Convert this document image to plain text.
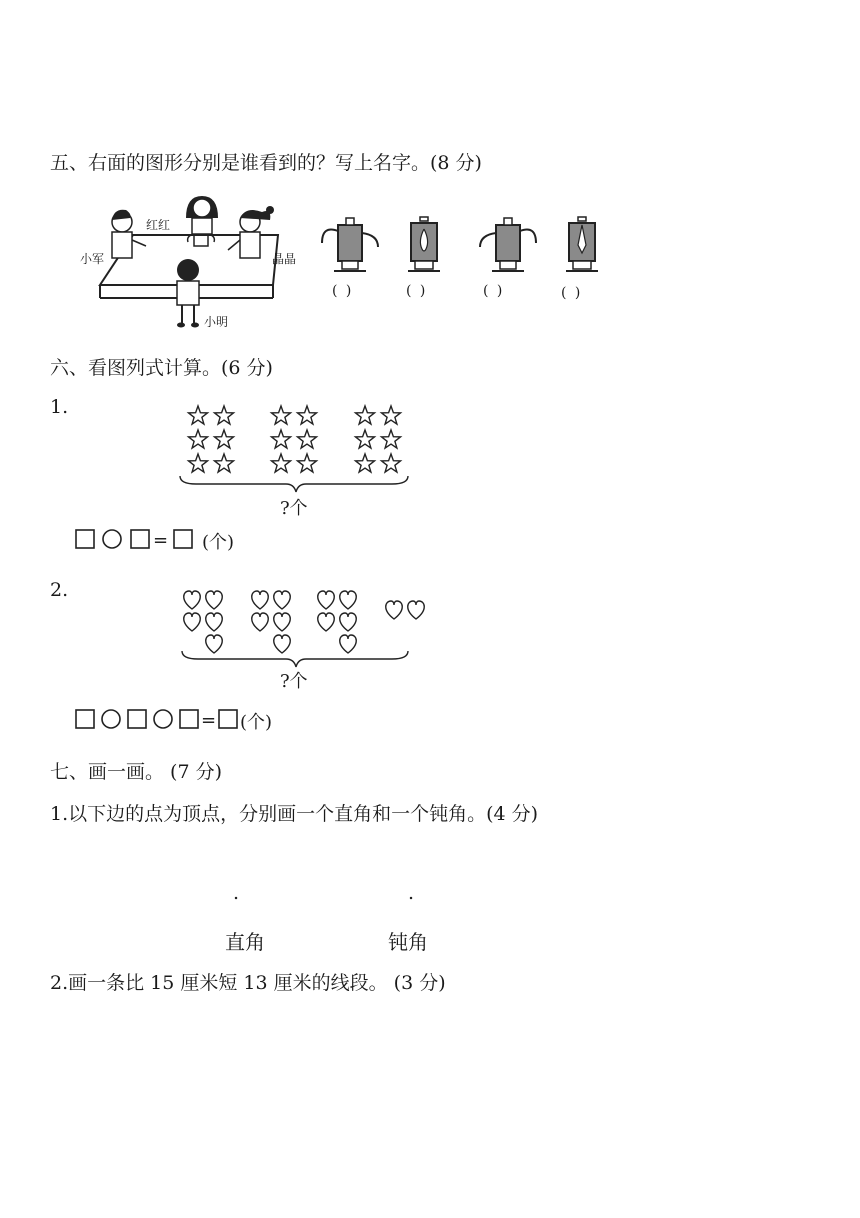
五、右面的图形分别是谁看到的？写上名字。(8 分)
红红
小军	晶晶
小明
( )	( )	( )	( )
六、看图列式计算。(6 分)
1.
?个
= (个)
2.
?个
= (个)
七、画一画。 (7 分)
1.以下边的点为顶点，分别画一个直角和一个钝角。(4 分)
.	.
直角	钝角
2.画一条比 15 厘米短 13 厘米的线段。 (3 分)
